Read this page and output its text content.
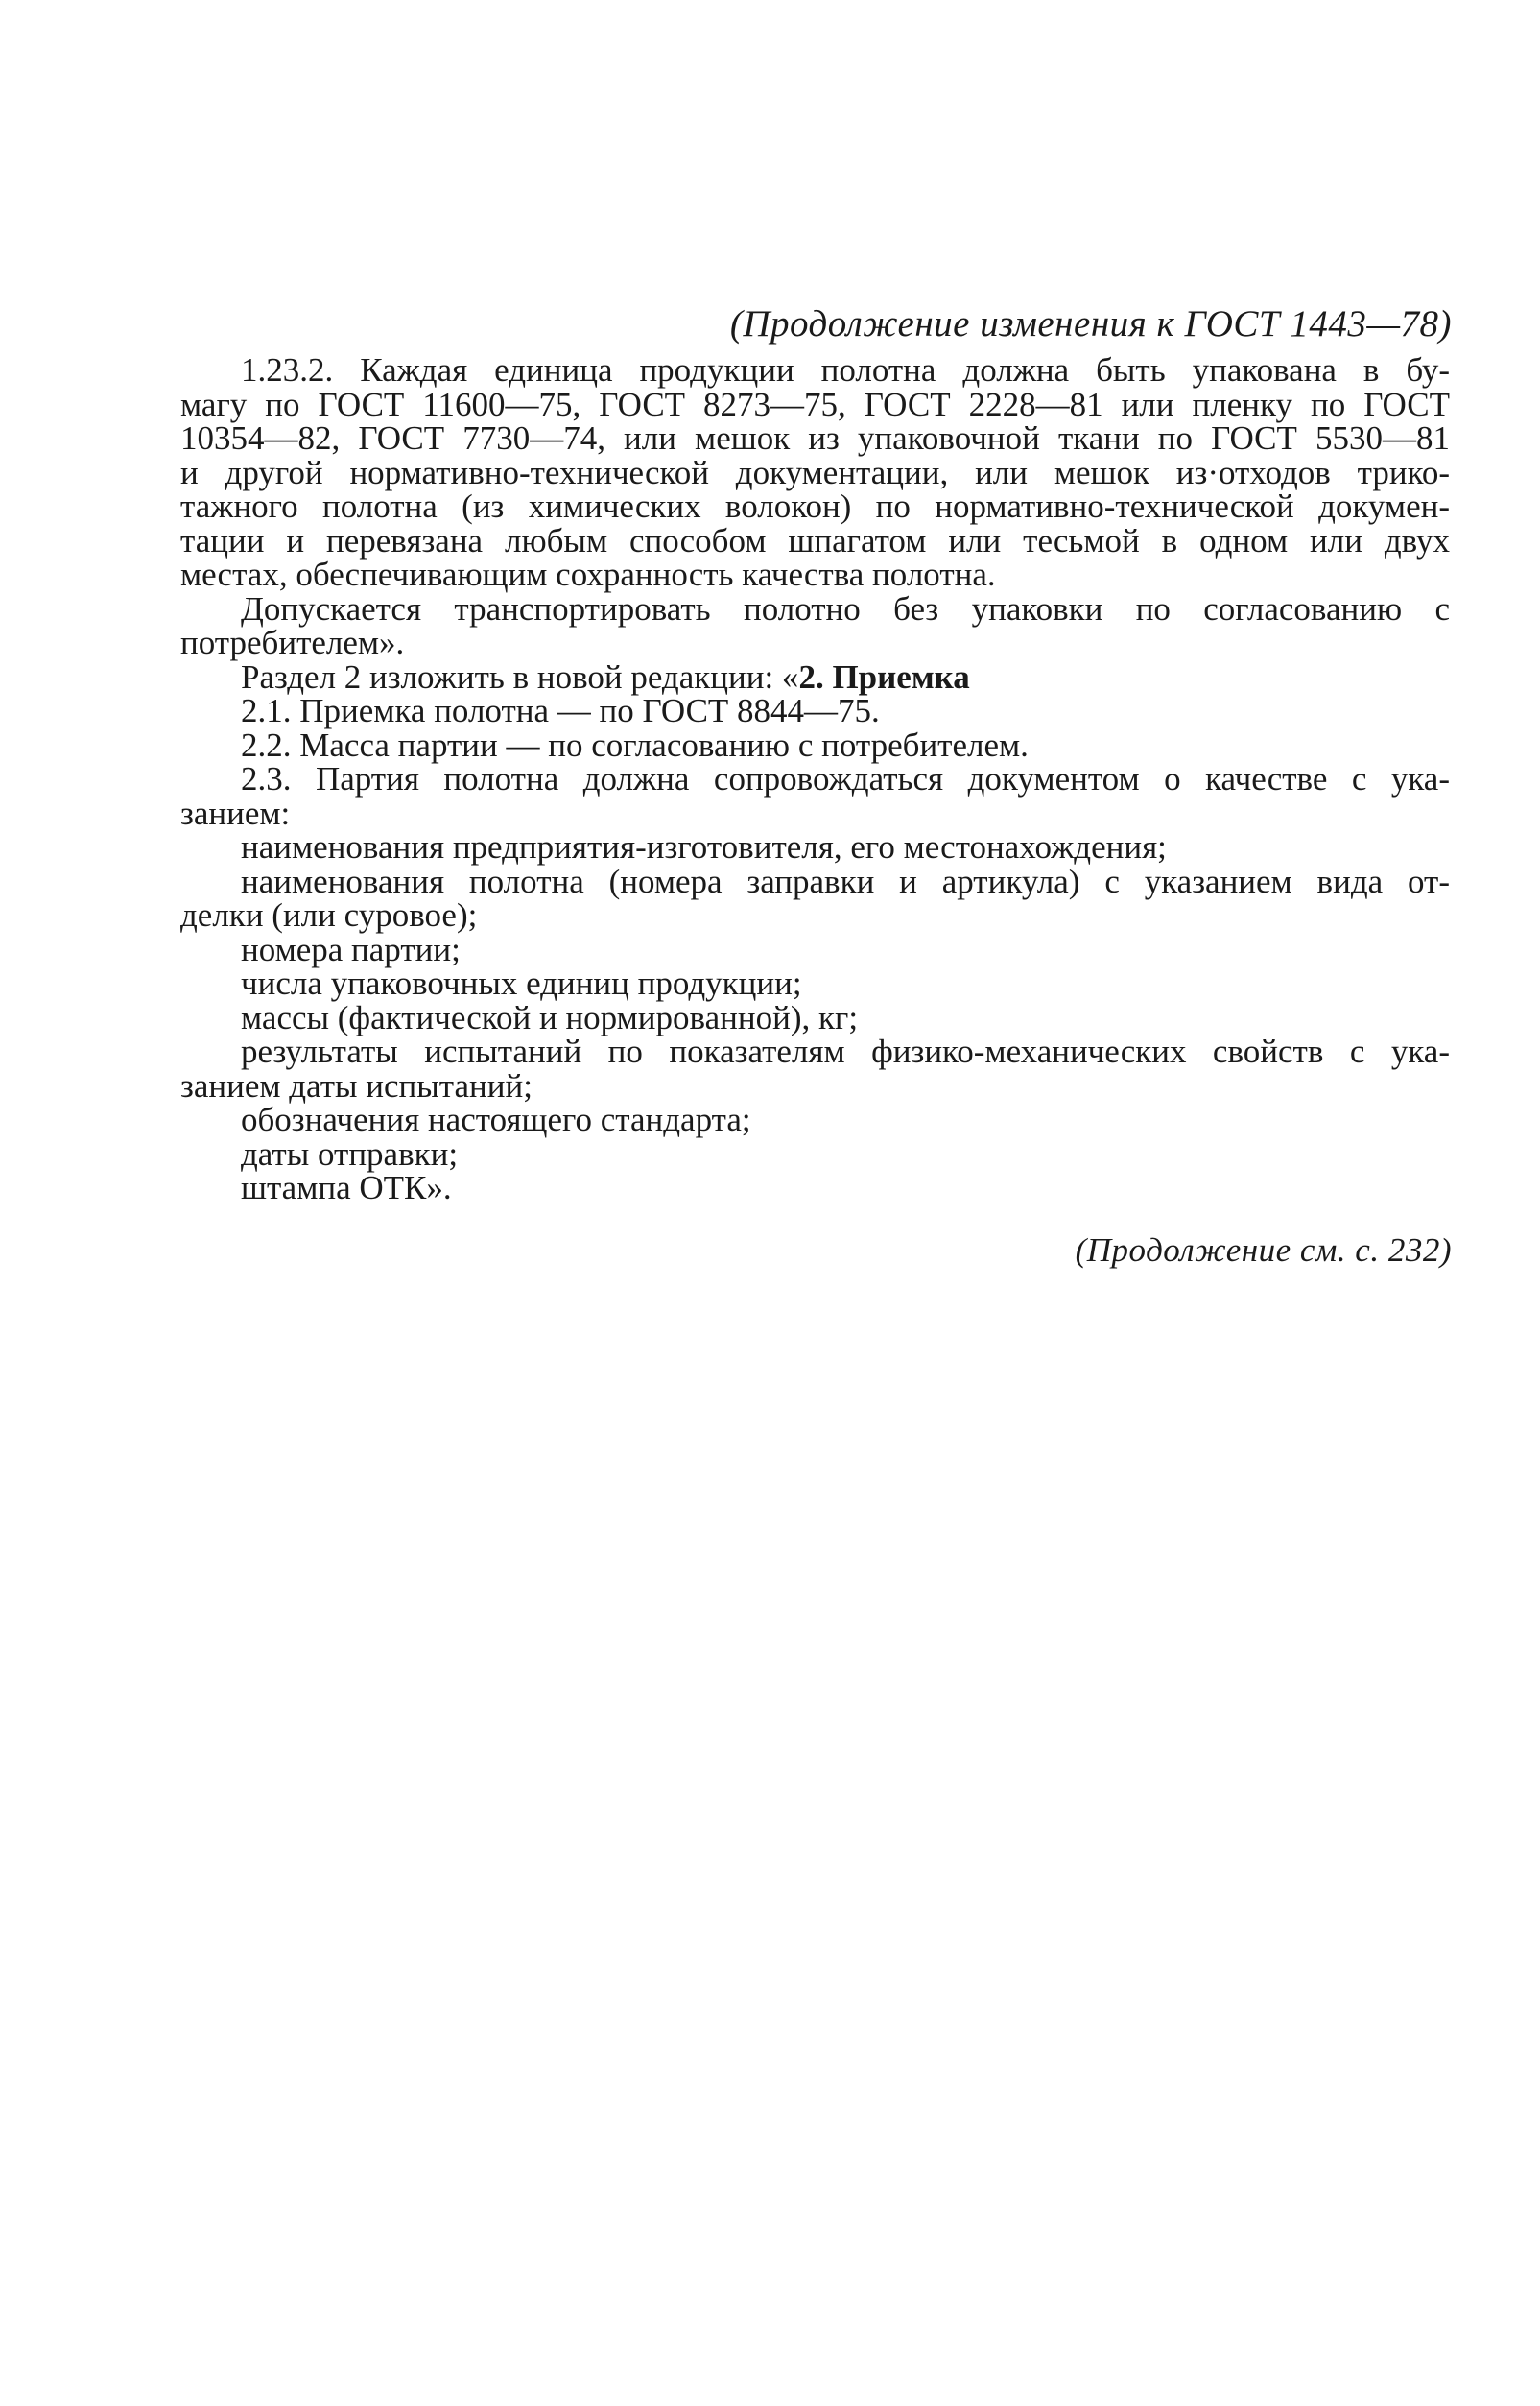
(Продолжение изменения к ГОСТ 1443—78)
1.23.2. Каждая единица продукции полотна должна быть упакована в бу-
магу по ГОСТ 11600—75, ГОСТ 8273—75, ГОСТ 2228—81 или пленку по ГОСТ
10354—82, ГОСТ 7730—74, или мешок из упаковочной ткани по ГОСТ 5530—81
и другой нормативно-технической документации, или мешок из·отходов трико-
тажного полотна (из химических волокон) по нормативно-технической докумен-
тации и перевязана любым способом шпагатом или тесьмой в одном или двух
местах, обеспечивающим сохранность качества полотна.
Допускается транспортировать полотно без упаковки по согласованию с
потребителем».
Раздел 2 изложить в новой редакции: «2. Приемка
2.1. Приемка полотна — по ГОСТ 8844—75.
2.2. Масса партии — по согласованию с потребителем.
2.3. Партия полотна должна сопровождаться документом о качестве с ука-
занием:
наименования предприятия-изготовителя, его местонахождения;
наименования полотна (номера заправки и артикула) с указанием вида от-
делки (или суровое);
номера партии;
числа упаковочных единиц продукции;
массы (фактической и нормированной), кг;
результаты испытаний по показателям физико-механических свойств с ука-
занием даты испытаний;
обозначения настоящего стандарта;
даты отправки;
штампа ОТК».
(Продолжение см. с. 232)
